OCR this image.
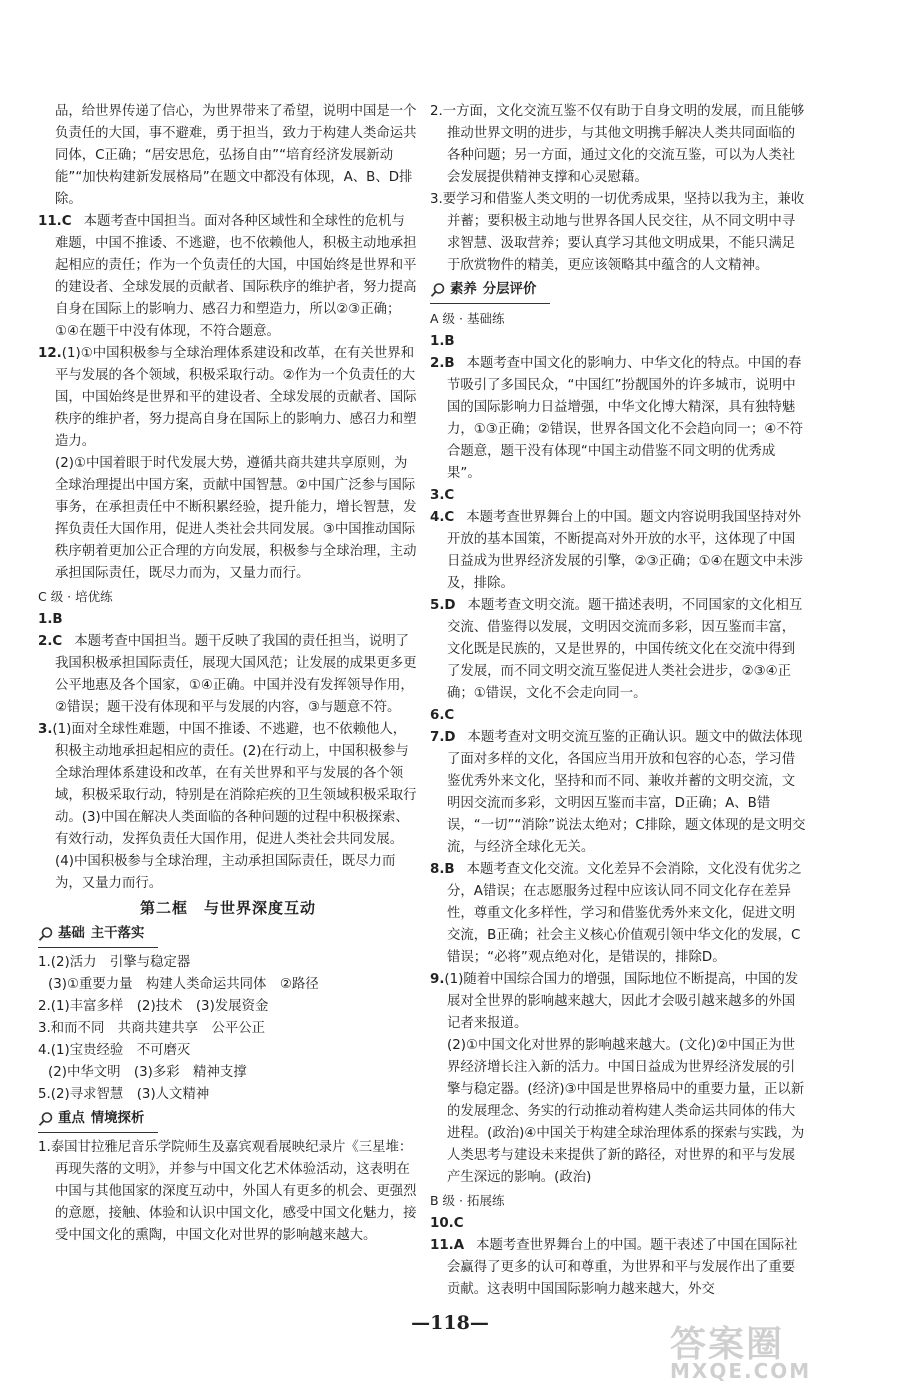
品，给世界传递了信心，为世界带来了希望，说明中国是一个负责任的大国，事不避难，勇于担当，致力于构建人类命运共同体，C正确；“居安思危，弘扬自由”“培育经济发展新动能”“加快构建新发展格局”在题文中都没有体现，A、B、D排除。

11.C 本题考查中国担当。面对各种区域性和全球性的危机与难题，中国不推诿、不逃避，也不依赖他人，积极主动地承担起相应的责任；作为一个负责任的大国，中国始终是世界和平的建设者、全球发展的贡献者、国际秩序的维护者，努力提高自身在国际上的影响力、感召力和塑造力，所以②③正确；①④在题干中没有体现，不符合题意。

12.(1)①中国积极参与全球治理体系建设和改革，在有关世界和平与发展的各个领域，积极采取行动。②作为一个负责任的大国，中国始终是世界和平的建设者、全球发展的贡献者、国际秩序的维护者，努力提高自身在国际上的影响力、感召力和塑造力。

(2)①中国着眼于时代发展大势，遵循共商共建共享原则，为全球治理提出中国方案，贡献中国智慧。②中国广泛参与国际事务，在承担责任中不断积累经验，提升能力，增长智慧，发挥负责任大国作用，促进人类社会共同发展。③中国推动国际秩序朝着更加公正合理的方向发展，积极参与全球治理，主动承担国际责任，既尽力而为，又量力而行。

C 级 · 培优练

1.B

2.C 本题考查中国担当。题干反映了我国的责任担当，说明了我国积极承担国际责任，展现大国风范；让发展的成果更多更公平地惠及各个国家，①④正确。中国并没有发挥领导作用，②错误；题干没有体现和平与发展的内容，③与题意不符。

3.(1)面对全球性难题，中国不推诿、不逃避，也不依赖他人，积极主动地承担起相应的责任。(2)在行动上，中国积极参与全球治理体系建设和改革，在有关世界和平与发展的各个领域，积极采取行动，特别是在消除疟疾的卫生领域积极采取行动。(3)中国在解决人类面临的各种问题的过程中积极探索、有效行动，发挥负责任大国作用，促进人类社会共同发展。(4)中国积极参与全球治理，主动承担国际责任，既尽力而为，又量力而行。

第二框　与世界深度互动
基础 主干落实

1.(2)活力　引擎与稳定器

(3)①重要力量　构建人类命运共同体　②路径

2.(1)丰富多样　(2)技术　(3)发展资金

3.和而不同　共商共建共享　公平公正

4.(1)宝贵经验　不可磨灭

(2)中华文明　(3)多彩　精神支撑

5.(2)寻求智慧　(3)人文精神

重点 情境探析

1.泰国甘拉雅尼音乐学院师生及嘉宾观看展映纪录片《三星堆：再现失落的文明》，并参与中国文化艺术体验活动，这表明在中国与其他国家的深度互动中，外国人有更多的机会、更强烈的意愿，接触、体验和认识中国文化，感受中国文化魅力，接受中国文化的熏陶，中国文化对世界的影响越来越大。

2.一方面，文化交流互鉴不仅有助于自身文明的发展，而且能够推动世界文明的进步，与其他文明携手解决人类共同面临的各种问题；另一方面，通过文化的交流互鉴，可以为人类社会发展提供精神支撑和心灵慰藉。

3.要学习和借鉴人类文明的一切优秀成果，坚持以我为主，兼收并蓄；要积极主动地与世界各国人民交往，从不同文明中寻求智慧、汲取营养；要认真学习其他文明成果，不能只满足于欣赏物件的精美，更应该领略其中蕴含的人文精神。

素养 分层评价

A 级 · 基础练

1.B

2.B 本题考查中国文化的影响力、中华文化的特点。中国的春节吸引了多国民众，“中国红”扮靓国外的许多城市，说明中国的国际影响力日益增强，中华文化博大精深，具有独特魅力，①③正确；②错误，世界各国文化不会趋向同一；④不符合题意，题干没有体现“中国主动借鉴不同文明的优秀成果”。

3.C

4.C 本题考查世界舞台上的中国。题文内容说明我国坚持对外开放的基本国策，不断提高对外开放的水平，这体现了中国日益成为世界经济发展的引擎，②③正确；①④在题文中未涉及，排除。

5.D 本题考查文明交流。题干描述表明，不同国家的文化相互交流、借鉴得以发展，文明因交流而多彩，因互鉴而丰富，文化既是民族的，又是世界的，中国传统文化在交流中得到了发展，而不同文明交流互鉴促进人类社会进步，②③④正确；①错误，文化不会走向同一。

6.C

7.D 本题考查对文明交流互鉴的正确认识。题文中的做法体现了面对多样的文化，各国应当用开放和包容的心态，学习借鉴优秀外来文化，坚持和而不同、兼收并蓄的文明交流，文明因交流而多彩，文明因互鉴而丰富，D正确；A、B错误，“一切”“消除”说法太绝对；C排除，题文体现的是文明交流，与经济全球化无关。

8.B 本题考查文化交流。文化差异不会消除，文化没有优劣之分，A错误；在志愿服务过程中应该认同不同文化存在差异性，尊重文化多样性，学习和借鉴优秀外来文化，促进文明交流，B正确；社会主义核心价值观引领中华文化的发展，C错误；“必将”观点绝对化，是错误的，排除D。

9.(1)随着中国综合国力的增强，国际地位不断提高，中国的发展对全世界的影响越来越大，因此才会吸引越来越多的外国记者来报道。

(2)①中国文化对世界的影响越来越大。(文化)②中国正为世界经济增长注入新的活力。中国日益成为世界经济发展的引擎与稳定器。(经济)③中国是世界格局中的重要力量，正以新的发展理念、务实的行动推动着构建人类命运共同体的伟大进程。(政治)④中国关于构建全球治理体系的探索与实践，为人类思考与建设未来提供了新的路径，对世界的和平与发展产生深远的影响。(政治)

B 级 · 拓展练

10.C

11.A 本题考查世界舞台上的中国。题干表述了中国在国际社会赢得了更多的认可和尊重，为世界和平与发展作出了重要贡献。这表明中国国际影响力越来越大，外交

—118—
答案圈
MXQE.COM
